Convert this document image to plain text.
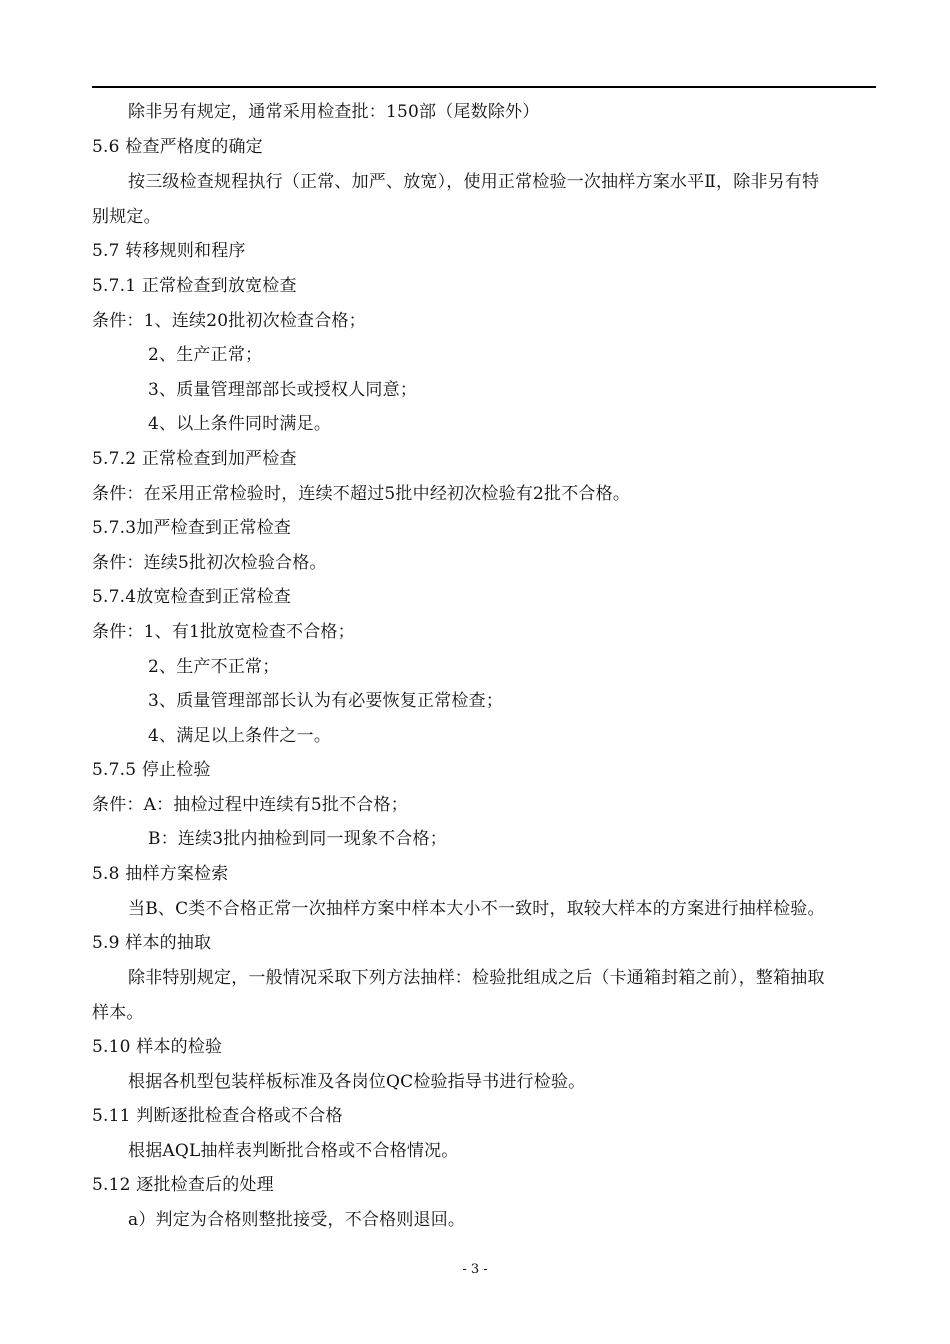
除非另有规定，通常采用检查批：150部（尾数除外）
5.6 检查严格度的确定
按三级检查规程执行（正常、加严、放宽），使用正常检验一次抽样方案水平Ⅱ，除非另有特
别规定。
5.7 转移规则和程序
5.7.1 正常检查到放宽检查
条件：1、连续20批初次检查合格；
2、生产正常；
3、质量管理部部长或授权人同意；
4、以上条件同时满足。
5.7.2 正常检查到加严检查
条件：在采用正常检验时，连续不超过5批中经初次检验有2批不合格。
5.7.3加严检查到正常检查
条件：连续5批初次检验合格。
5.7.4放宽检查到正常检查
条件：1、有1批放宽检查不合格；
2、生产不正常；
3、质量管理部部长认为有必要恢复正常检查；
4、满足以上条件之一。
5.7.5 停止检验
条件：A：抽检过程中连续有5批不合格；
B：连续3批内抽检到同一现象不合格；
5.8 抽样方案检索
当B、C类不合格正常一次抽样方案中样本大小不一致时，取较大样本的方案进行抽样检验。
5.9 样本的抽取
除非特别规定，一般情况采取下列方法抽样：检验批组成之后（卡通箱封箱之前），整箱抽取
样本。
5.10 样本的检验
根据各机型包装样板标准及各岗位QC检验指导书进行检验。
5.11 判断逐批检查合格或不合格
根据AQL抽样表判断批合格或不合格情况。
5.12 逐批检查后的处理
a）判定为合格则整批接受，不合格则退回。
- 3 -
